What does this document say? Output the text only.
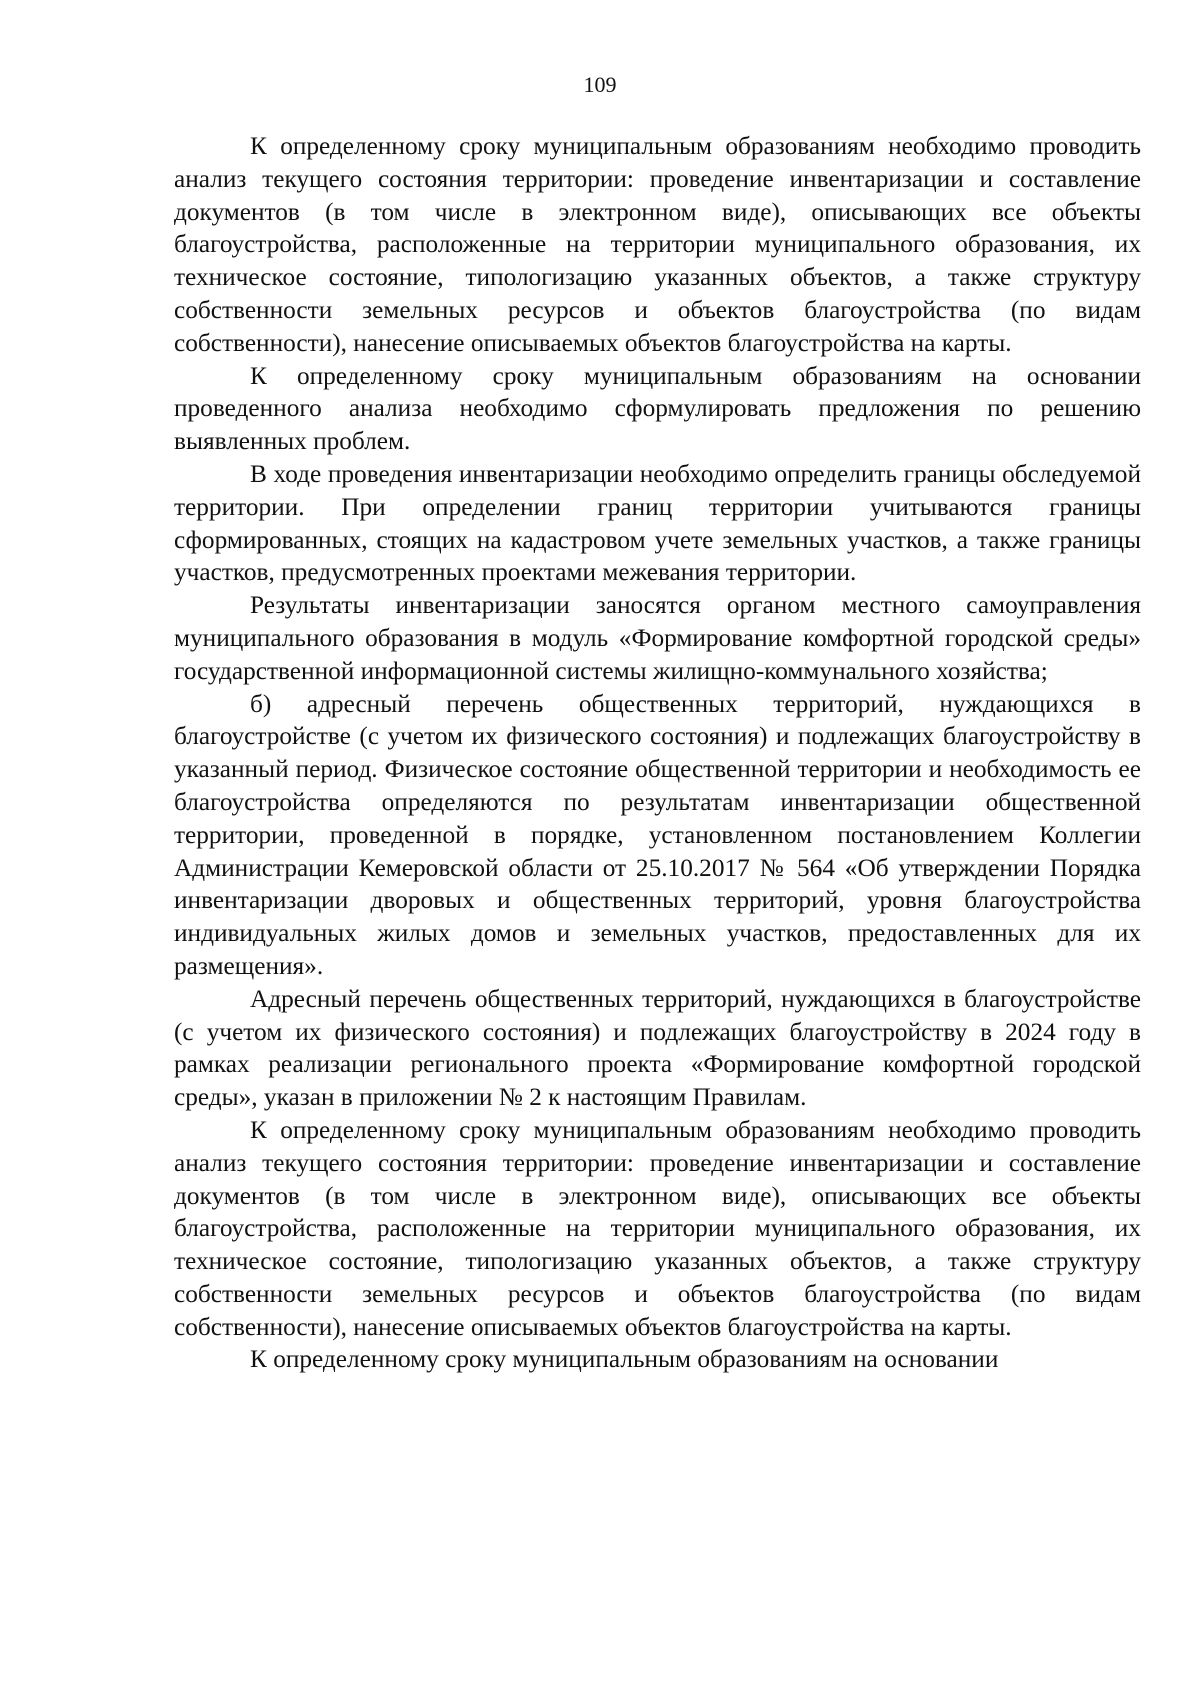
109

К определенному сроку муниципальным образованиям необходимо проводить анализ текущего состояния территории: проведение инвентаризации и составление документов (в том числе в электронном виде), описывающих все объекты благоустройства, расположенные на территории муниципального образования, их техническое состояние, типологизацию указанных объектов, а также структуру собственности земельных ресурсов и объектов благоустройства (по видам собственности), нанесение описываемых объектов благоустройства на карты.

К определенному сроку муниципальным образованиям на основании проведенного анализа необходимо сформулировать предложения по решению выявленных проблем.

В ходе проведения инвентаризации необходимо определить границы обследуемой территории. При определении границ территории учитываются границы сформированных, стоящих на кадастровом учете земельных участков, а также границы участков, предусмотренных проектами межевания территории.

Результаты инвентаризации заносятся органом местного самоуправления муниципального образования в модуль «Формирование комфортной городской среды» государственной информационной системы жилищно-коммунального хозяйства;

б) адресный перечень общественных территорий, нуждающихся в благоустройстве (с учетом их физического состояния) и подлежащих благоустройству в указанный период. Физическое состояние общественной территории и необходимость ее благоустройства определяются по результатам инвентаризации общественной территории, проведенной в порядке, установленном постановлением Коллегии Администрации Кемеровской области от 25.10.2017 № 564 «Об утверждении Порядка инвентаризации дворовых и общественных территорий, уровня благоустройства индивидуальных жилых домов и земельных участков, предоставленных для их размещения».

Адресный перечень общественных территорий, нуждающихся в благоустройстве (с учетом их физического состояния) и подлежащих благоустройству в 2024 году в рамках реализации регионального проекта «Формирование комфортной городской среды», указан в приложении № 2 к настоящим Правилам.

К определенному сроку муниципальным образованиям необходимо проводить анализ текущего состояния территории: проведение инвентаризации и составление документов (в том числе в электронном виде), описывающих все объекты благоустройства, расположенные на территории муниципального образования, их техническое состояние, типологизацию указанных объектов, а также структуру собственности земельных ресурсов и объектов благоустройства (по видам собственности), нанесение описываемых объектов благоустройства на карты.

К определенному сроку муниципальным образованиям на основании
